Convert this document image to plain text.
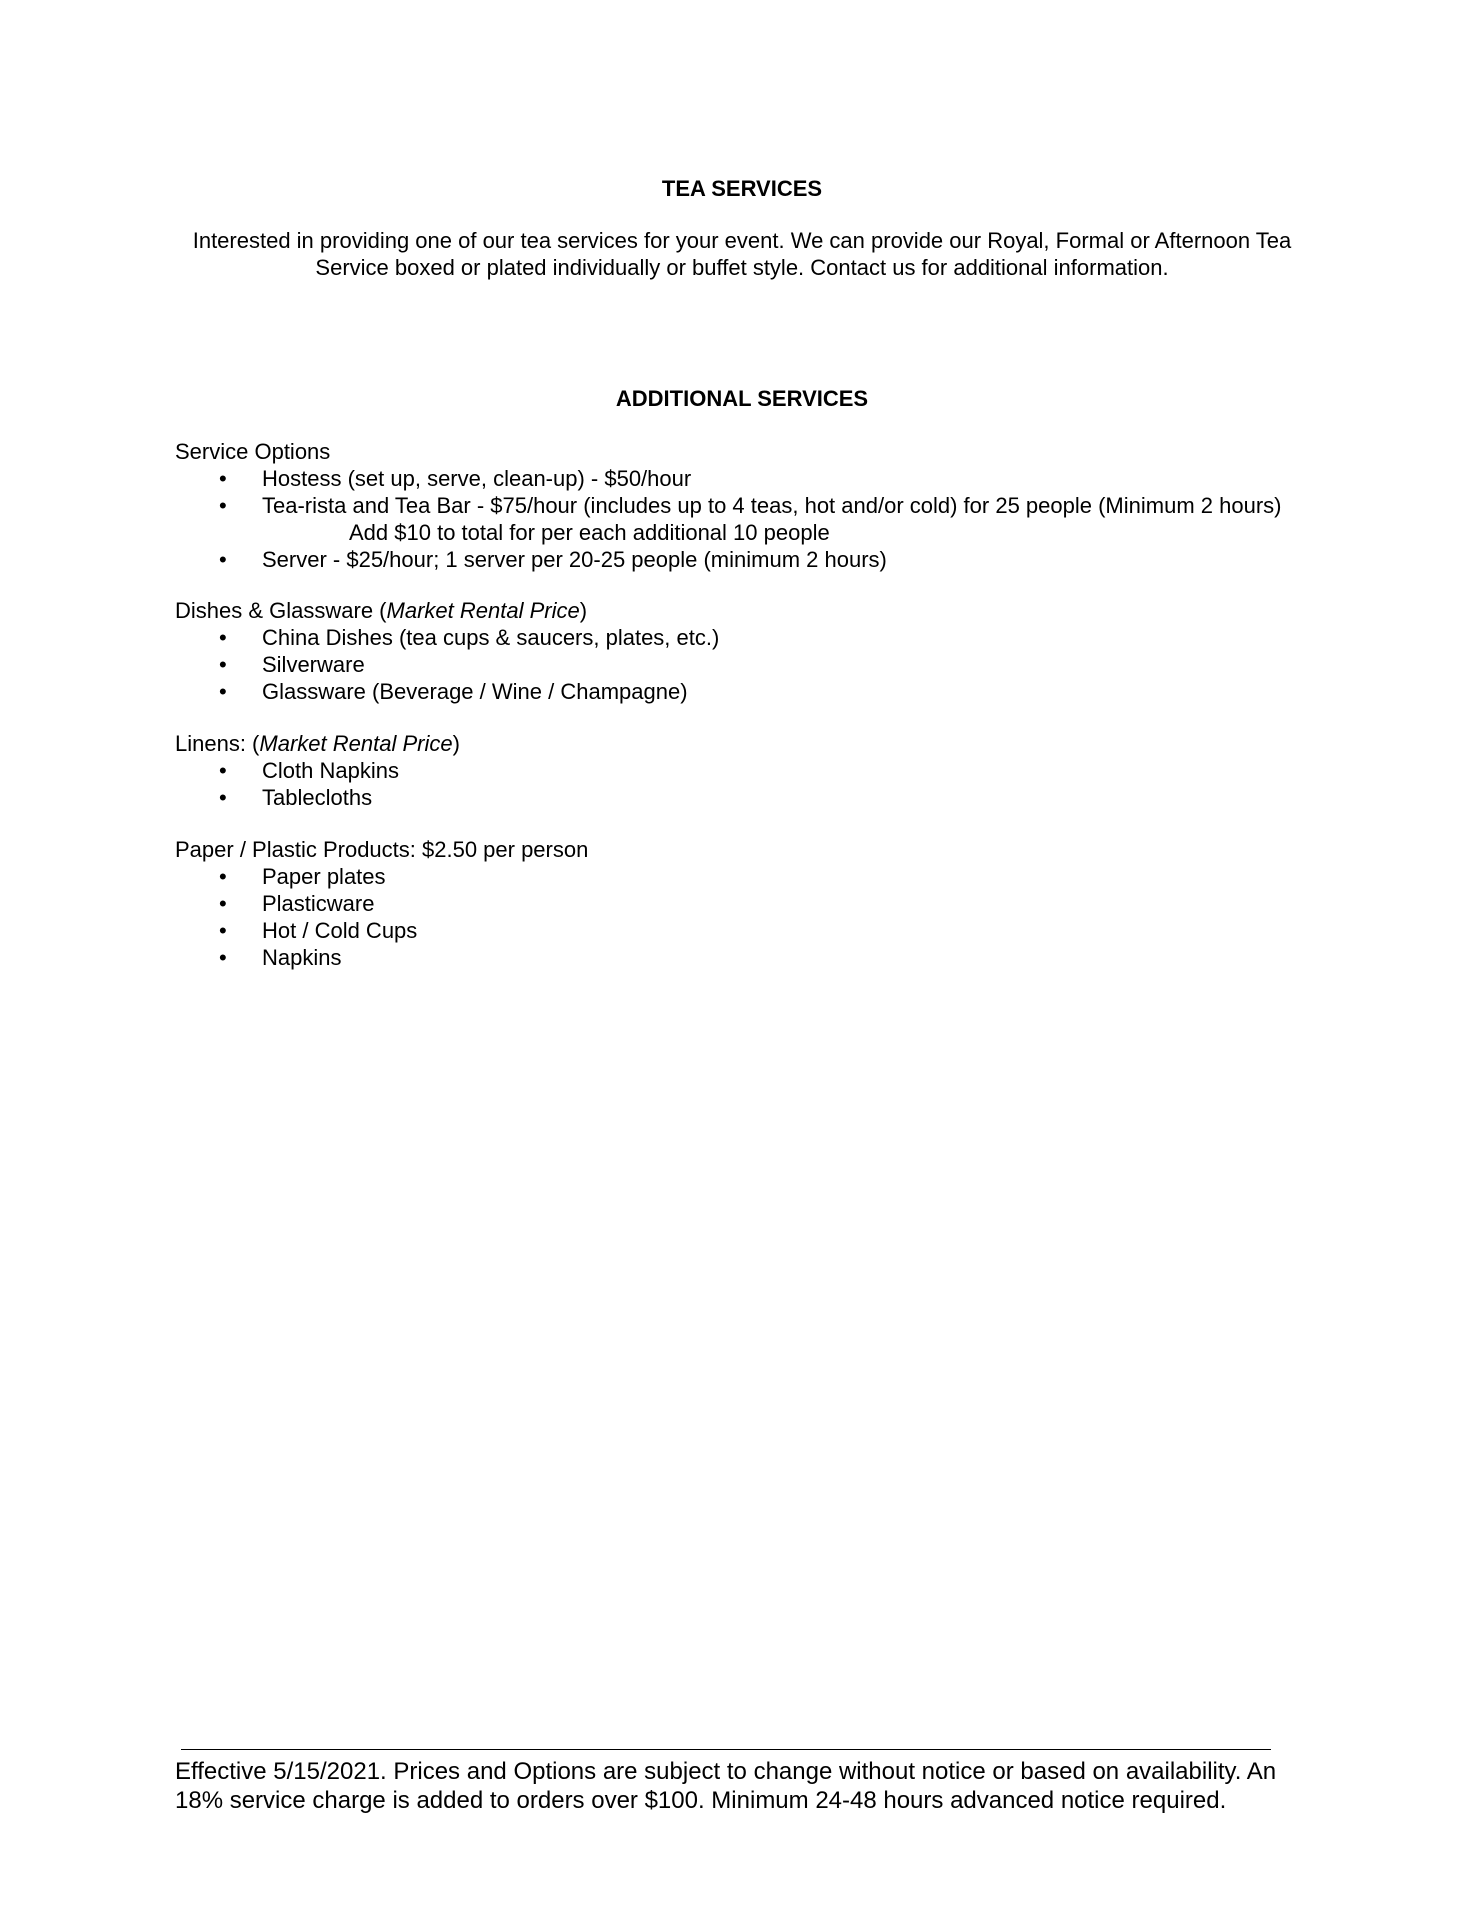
TEA SERVICES
Interested in providing one of our tea services for your event. We can provide our Royal, Formal or Afternoon Tea Service boxed or plated individually or buffet style. Contact us for additional information.
ADDITIONAL SERVICES
Service Options
• Hostess (set up, serve, clean-up) - $50/hour
• Tea-rista and Tea Bar - $75/hour (includes up to 4 teas, hot and/or cold) for 25 people (Minimum 2 hours)
Add $10 to total for per each additional 10 people
• Server - $25/hour; 1 server per 20-25 people (minimum 2 hours)
Dishes & Glassware (Market Rental Price)
• China Dishes (tea cups & saucers, plates, etc.)
• Silverware
• Glassware (Beverage / Wine / Champagne)
Linens: (Market Rental Price)
• Cloth Napkins
• Tablecloths
Paper / Plastic Products: $2.50 per person
• Paper plates
• Plasticware
• Hot / Cold Cups
• Napkins
Effective 5/15/2021. Prices and Options are subject to change without notice or based on availability. An 18% service charge is added to orders over $100. Minimum 24-48 hours advanced notice required.
